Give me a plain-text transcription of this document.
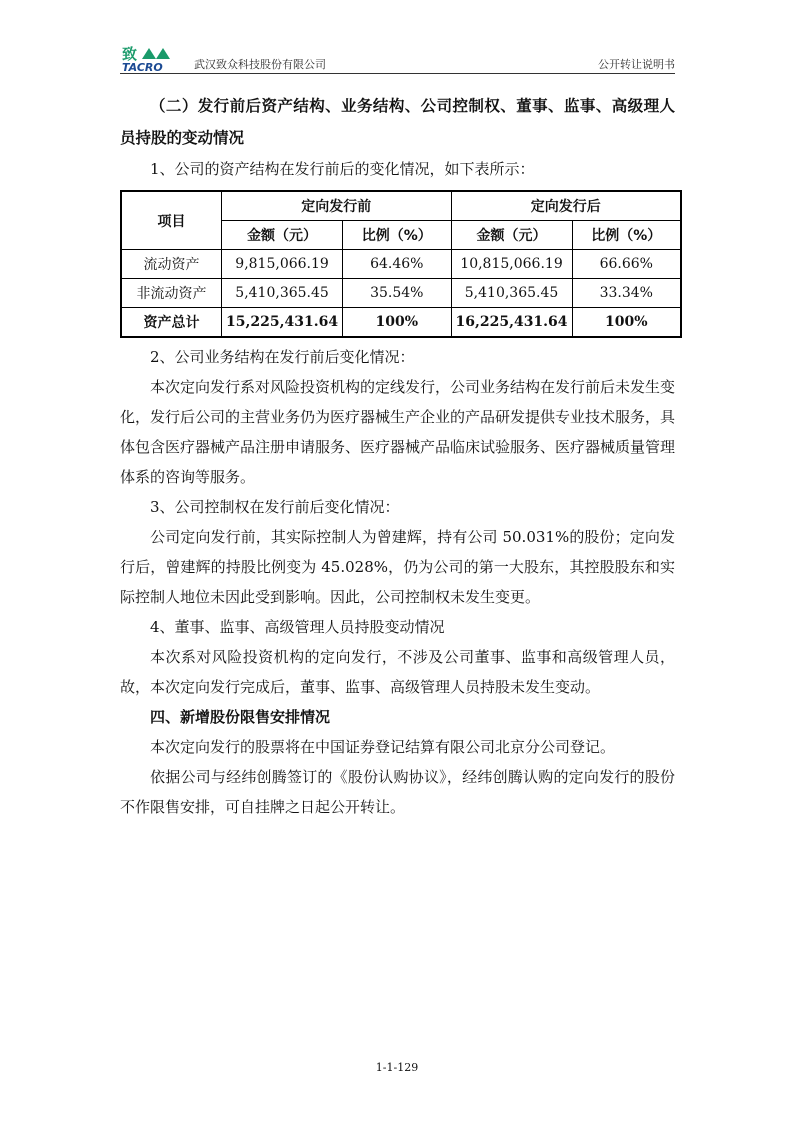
致
TACRO	武汉致众科技股份有限公司	公开转让说明书

（二）发行前后资产结构、业务结构、公司控制权、董事、监事、高级理人员持股的变动情况

1、公司的资产结构在发行前后的变化情况，如下表所示：

项目	定向发行前		定向发行后	
	金额（元）	比例（%）	金额（元）	比例（%）
流动资产	9,815,066.19	64.46%	10,815,066.19	66.66%
非流动资产	5,410,365.45	35.54%	5,410,365.45	33.34%
资产总计	15,225,431.64	100%	16,225,431.64	100%

2、公司业务结构在发行前后变化情况：

本次定向发行系对风险投资机构的定线发行，公司业务结构在发行前后未发生变化，发行后公司的主营业务仍为医疗器械生产企业的产品研发提供专业技术服务，具体包含医疗器械产品注册申请服务、医疗器械产品临床试验服务、医疗器械质量管理体系的咨询等服务。

3、公司控制权在发行前后变化情况：

公司定向发行前，其实际控制人为曾建辉，持有公司 50.031%的股份；定向发行后，曾建辉的持股比例变为 45.028%，仍为公司的第一大股东，其控股股东和实际控制人地位未因此受到影响。因此，公司控制权未发生变更。

4、董事、监事、高级管理人员持股变动情况

本次系对风险投资机构的定向发行，不涉及公司董事、监事和高级管理人员，故，本次定向发行完成后，董事、监事、高级管理人员持股未发生变动。

四、新增股份限售安排情况

本次定向发行的股票将在中国证券登记结算有限公司北京分公司登记。

依据公司与经纬创腾签订的《股份认购协议》，经纬创腾认购的定向发行的股份不作限售安排，可自挂牌之日起公开转让。

1-1-129
